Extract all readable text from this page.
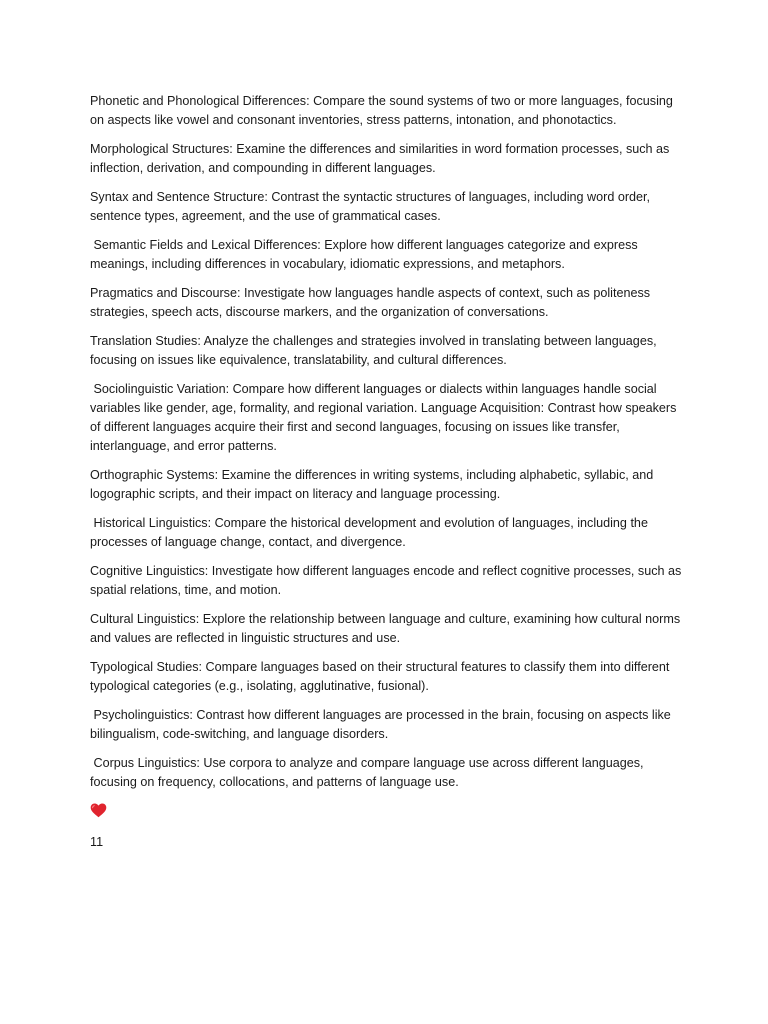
Phonetic and Phonological Differences: Compare the sound systems of two or more languages, focusing on aspects like vowel and consonant inventories, stress patterns, intonation, and phonotactics.

Morphological Structures: Examine the differences and similarities in word formation processes, such as inflection, derivation, and compounding in different languages.

Syntax and Sentence Structure: Contrast the syntactic structures of languages, including word order, sentence types, agreement, and the use of grammatical cases.

Semantic Fields and Lexical Differences: Explore how different languages categorize and express meanings, including differences in vocabulary, idiomatic expressions, and metaphors.

Pragmatics and Discourse: Investigate how languages handle aspects of context, such as politeness strategies, speech acts, discourse markers, and the organization of conversations.

Translation Studies: Analyze the challenges and strategies involved in translating between languages, focusing on issues like equivalence, translatability, and cultural differences.

Sociolinguistic Variation: Compare how different languages or dialects within languages handle social variables like gender, age, formality, and regional variation. Language Acquisition: Contrast how speakers of different languages acquire their first and second languages, focusing on issues like transfer, interlanguage, and error patterns.

Orthographic Systems: Examine the differences in writing systems, including alphabetic, syllabic, and logographic scripts, and their impact on literacy and language processing.

Historical Linguistics: Compare the historical development and evolution of languages, including the processes of language change, contact, and divergence.

Cognitive Linguistics: Investigate how different languages encode and reflect cognitive processes, such as spatial relations, time, and motion.

Cultural Linguistics: Explore the relationship between language and culture, examining how cultural norms and values are reflected in linguistic structures and use.

Typological Studies: Compare languages based on their structural features to classify them into different typological categories (e.g., isolating, agglutinative, fusional).

Psycholinguistics: Contrast how different languages are processed in the brain, focusing on aspects like bilingualism, code-switching, and language disorders.

Corpus Linguistics: Use corpora to analyze and compare language use across different languages, focusing on frequency, collocations, and patterns of language use.

11
